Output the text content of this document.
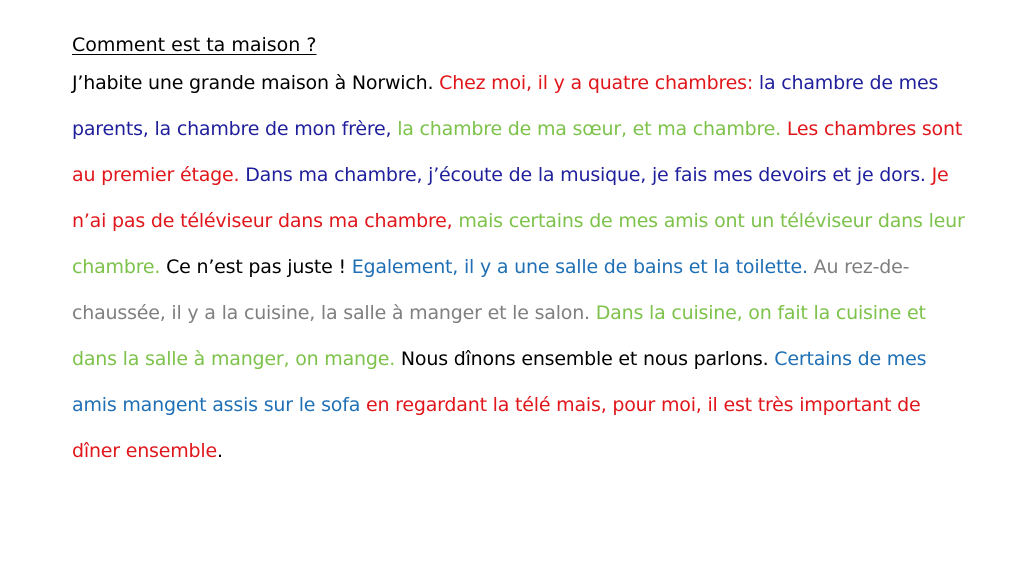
Comment est ta maison ?

J’habite une grande maison à Norwich. Chez moi, il y a quatre chambres: la chambre de mes parents, la chambre de mon frère, la chambre de ma sœur, et ma chambre. Les chambres sont au premier étage. Dans ma chambre, j’écoute de la musique, je fais mes devoirs et je dors. Je n’ai pas de téléviseur dans ma chambre, mais certains de mes amis ont un téléviseur dans leur chambre. Ce n’est pas juste ! Egalement, il y a une salle de bains et la toilette. Au rez-de-chaussée, il y a la cuisine, la salle à manger et le salon. Dans la cuisine, on fait la cuisine et dans la salle à manger, on mange. Nous dînons ensemble et nous parlons. Certains de mes amis mangent assis sur le sofa en regardant la télé mais, pour moi, il est très important de dîner ensemble.
